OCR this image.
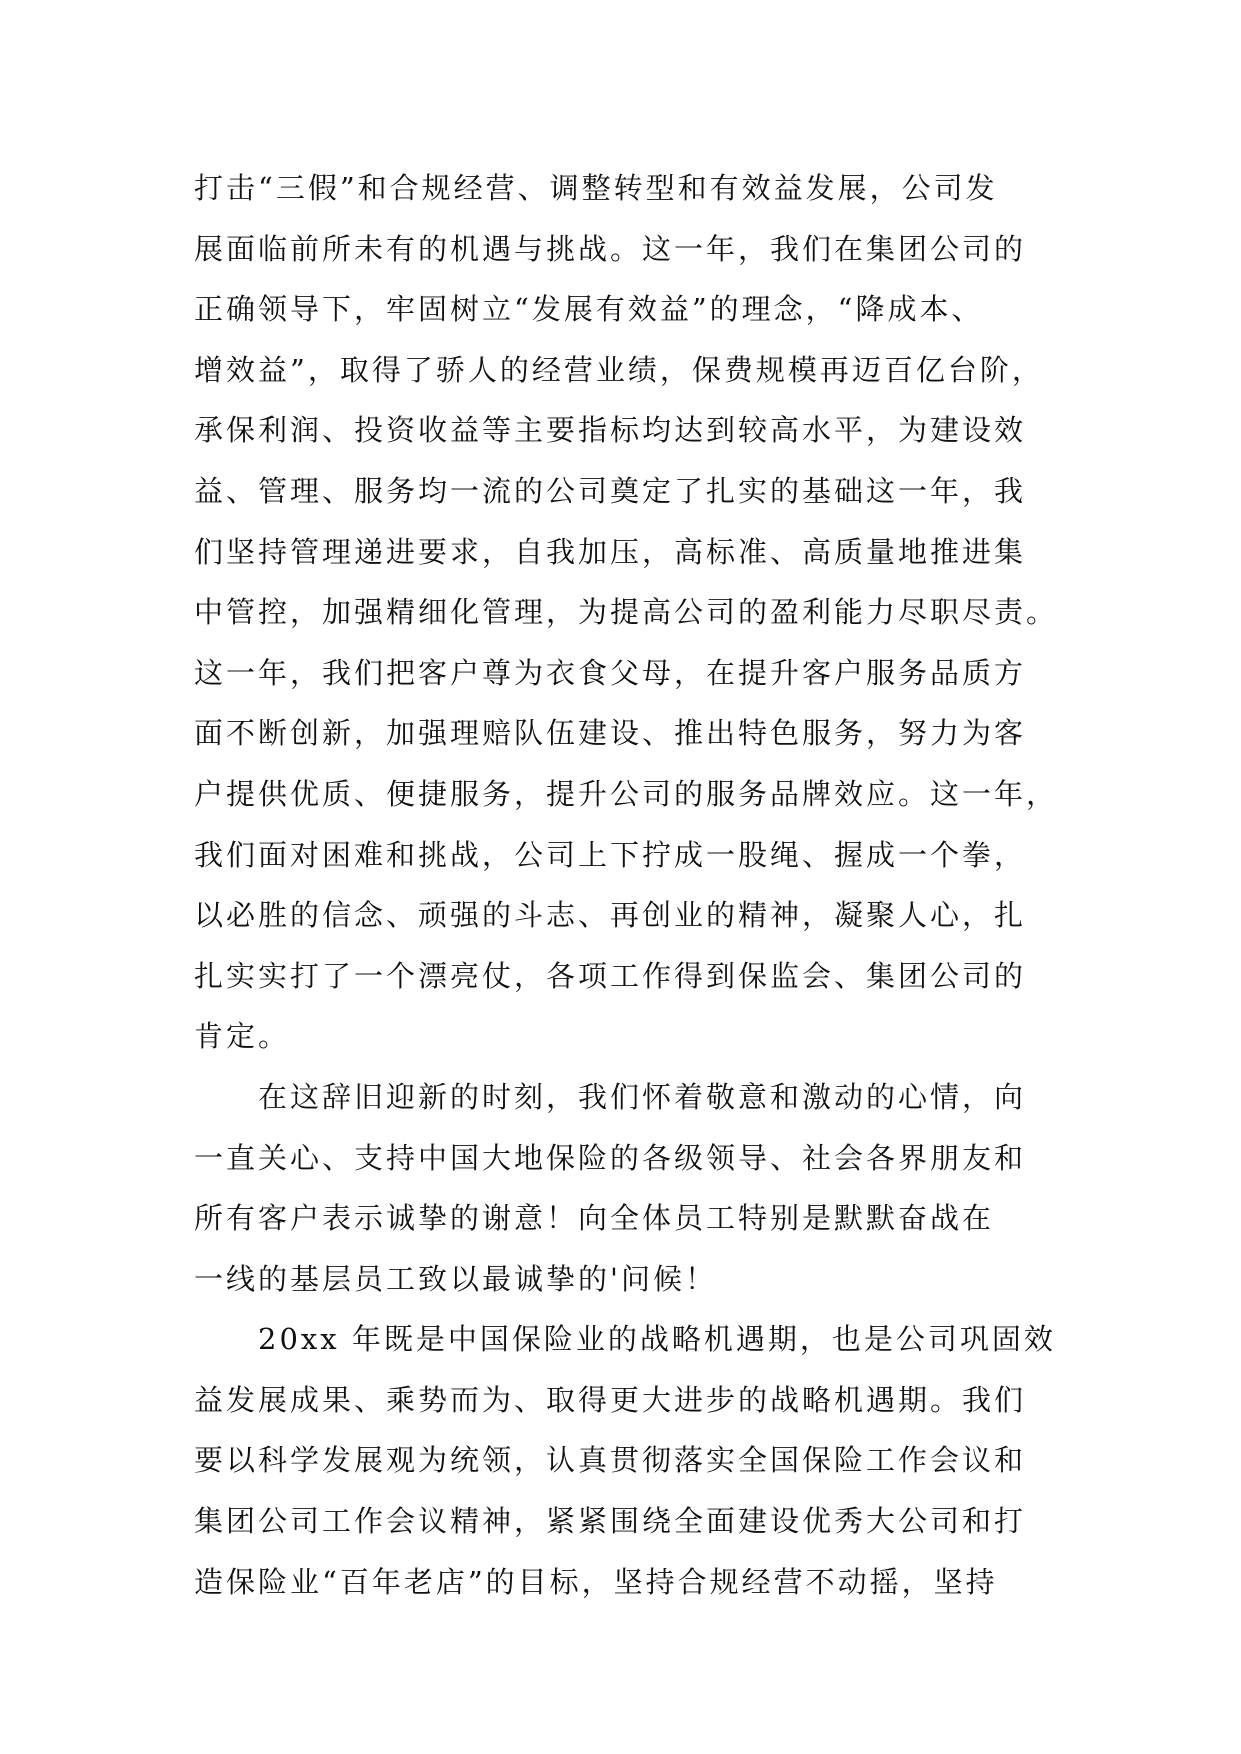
打击“三假”和合规经营、调整转型和有效益发展，公司发
展面临前所未有的机遇与挑战。这一年，我们在集团公司的
正确领导下，牢固树立“发展有效益”的理念，“降成本、
增效益”，取得了骄人的经营业绩，保费规模再迈百亿台阶，
承保利润、投资收益等主要指标均达到较高水平，为建设效
益、管理、服务均一流的公司奠定了扎实的基础这一年，我
们坚持管理递进要求，自我加压，高标准、高质量地推进集
中管控，加强精细化管理，为提高公司的盈利能力尽职尽责。
这一年，我们把客户尊为衣食父母，在提升客户服务品质方
面不断创新，加强理赔队伍建设、推出特色服务，努力为客
户提供优质、便捷服务，提升公司的服务品牌效应。这一年，
我们面对困难和挑战，公司上下拧成一股绳、握成一个拳，
以必胜的信念、顽强的斗志、再创业的精神，凝聚人心，扎
扎实实打了一个漂亮仗，各项工作得到保监会、集团公司的
肯定。

在这辞旧迎新的时刻，我们怀着敬意和激动的心情，向
一直关心、支持中国大地保险的各级领导、社会各界朋友和
所有客户表示诚挚的谢意！向全体员工特别是默默奋战在
一线的基层员工致以最诚挚的'问候！

20xx 年既是中国保险业的战略机遇期，也是公司巩固效
益发展成果、乘势而为、取得更大进步的战略机遇期。我们
要以科学发展观为统领，认真贯彻落实全国保险工作会议和
集团公司工作会议精神，紧紧围绕全面建设优秀大公司和打
造保险业“百年老店”的目标，坚持合规经营不动摇，坚持
